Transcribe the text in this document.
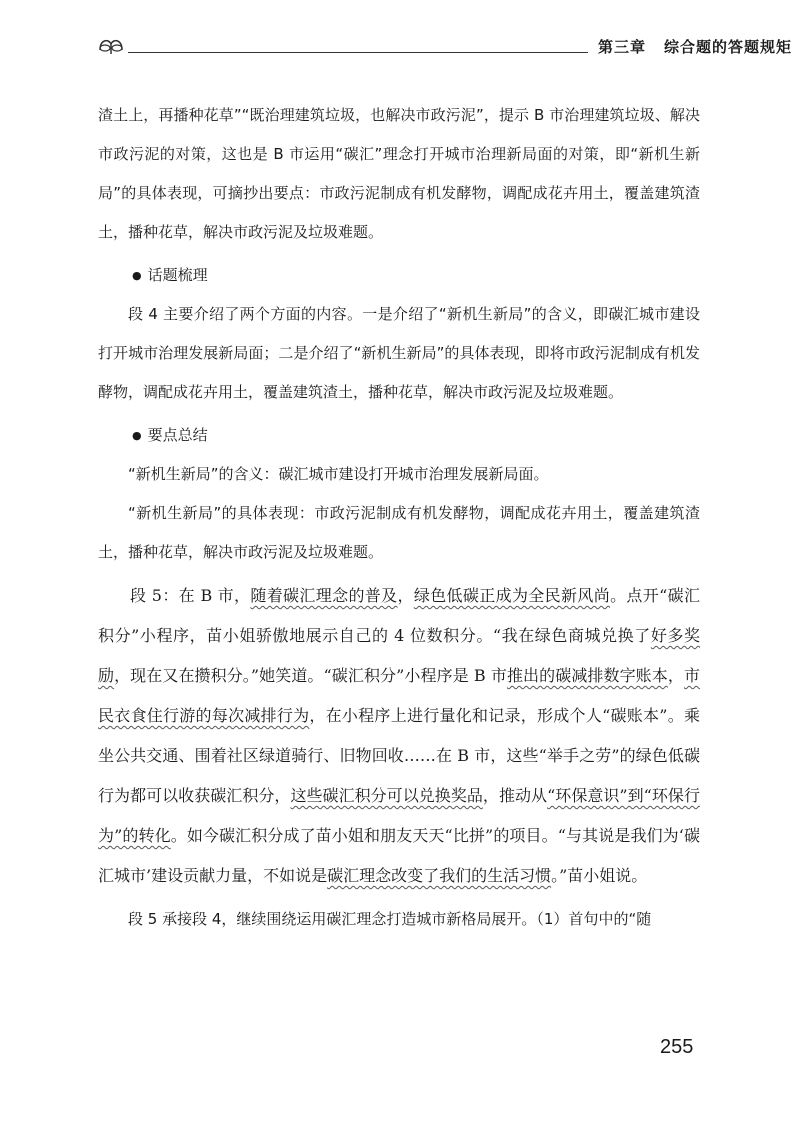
第三章 综合题的答题规矩

渣土上，再播种花草”“既治理建筑垃圾，也解决市政污泥”，提示 B 市治理建筑垃圾、解决市政污泥的对策，这也是 B 市运用“碳汇”理念打开城市治理新局面的对策，即“新机生新局”的具体表现，可摘抄出要点：市政污泥制成有机发酵物，调配成花卉用土，覆盖建筑渣土，播种花草，解决市政污泥及垃圾难题。

● 话题梳理

段 4 主要介绍了两个方面的内容。一是介绍了“新机生新局”的含义，即碳汇城市建设打开城市治理发展新局面；二是介绍了“新机生新局”的具体表现，即将市政污泥制成有机发酵物，调配成花卉用土，覆盖建筑渣土，播种花草，解决市政污泥及垃圾难题。

● 要点总结

“新机生新局”的含义：碳汇城市建设打开城市治理发展新局面。

“新机生新局”的具体表现：市政污泥制成有机发酵物，调配成花卉用土，覆盖建筑渣土，播种花草，解决市政污泥及垃圾难题。

段 5：在 B 市，随着碳汇理念的普及，绿色低碳正成为全民新风尚。点开“碳汇积分”小程序，苗小姐骄傲地展示自己的 4 位数积分。“我在绿色商城兑换了好多奖励，现在又在攒积分。”她笑道。“碳汇积分”小程序是 B 市推出的碳减排数字账本，市民衣食住行游的每次减排行为，在小程序上进行量化和记录，形成个人“碳账本”。乘坐公共交通、围着社区绿道骑行、旧物回收……在 B 市，这些“举手之劳”的绿色低碳行为都可以收获碳汇积分，这些碳汇积分可以兑换奖品，推动从“环保意识”到“环保行为”的转化。如今碳汇积分成了苗小姐和朋友天天“比拼”的项目。“与其说是我们为‘碳汇城市’建设贡献力量，不如说是碳汇理念改变了我们的生活习惯。”苗小姐说。

段 5 承接段 4，继续围绕运用碳汇理念打造城市新格局展开。（1）首句中的“随

255
